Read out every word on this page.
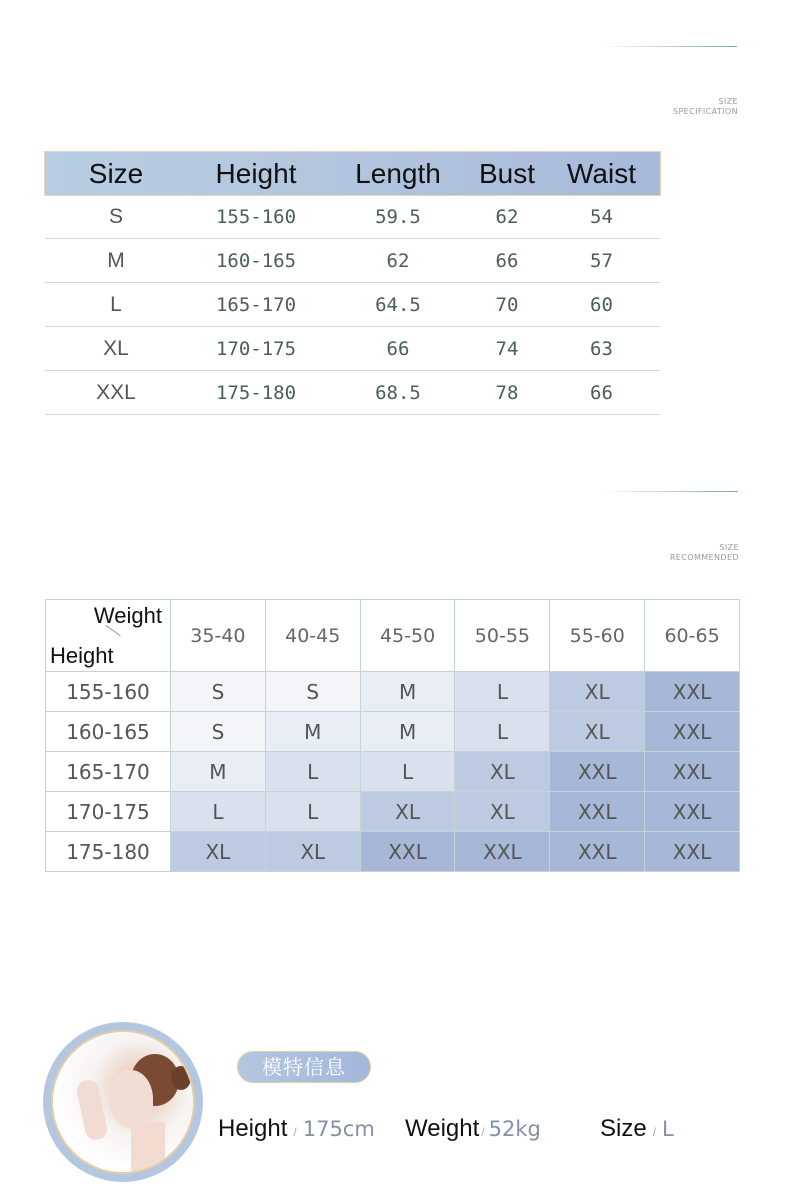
SIZE
SPECIFICATION
Size	Height	Length	Bust	Waist
S	155-160	59.5	62	54
M	160-165	62	66	57
L	165-170	64.5	70	60
XL	170-175	66	74	63
XXL	175-180	68.5	78	66
SIZE
RECOMMENDED
Weight
Height	35-40	40-45	45-50	50-55	55-60	60-65
155-160	S	S	M	L	XL	XXL
160-165	S	M	M	L	XL	XXL
165-170	M	L	L	XL	XXL	XXL
170-175	L	L	XL	XL	XXL	XXL
175-180	XL	XL	XXL	XXL	XXL	XXL
模特信息
Height / 175cm Weight / 52kg Size / L
